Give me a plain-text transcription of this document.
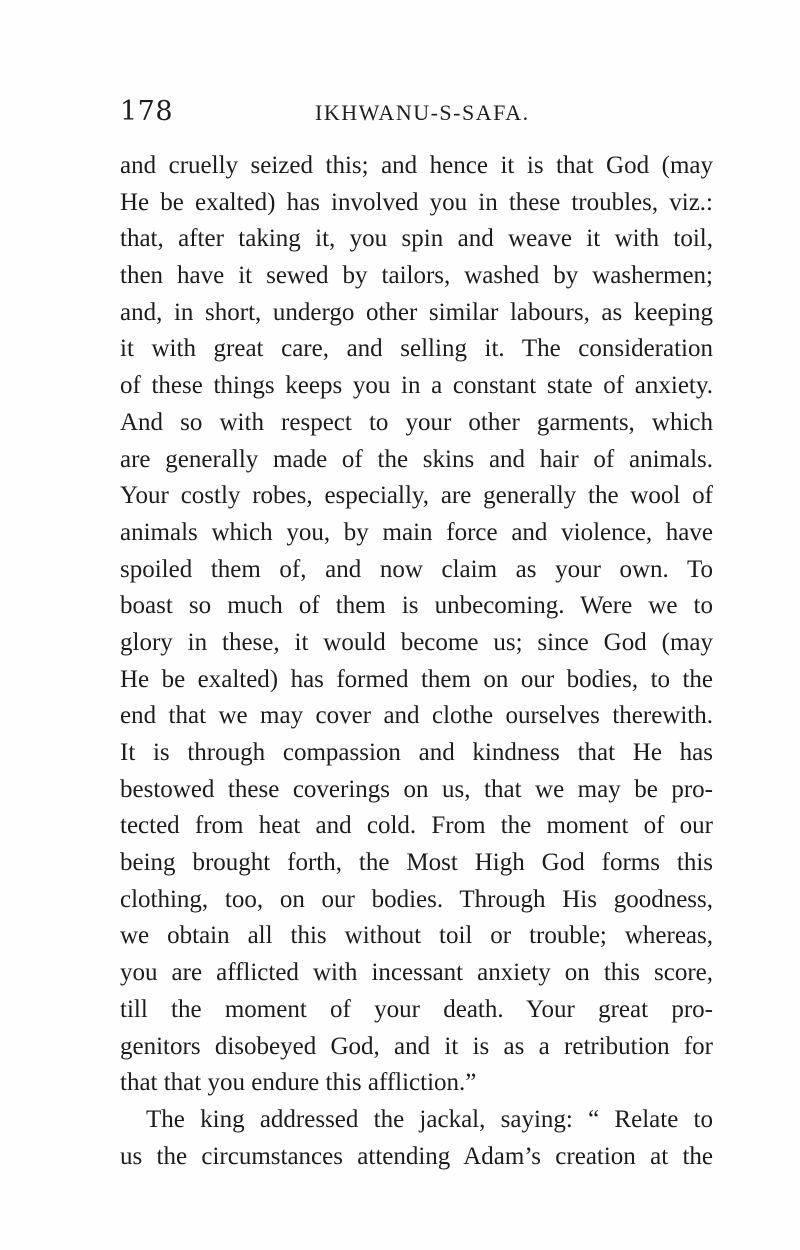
178	IKHWANU-S-SAFA.
and cruelly seized this; and hence it is that God (may
He be exalted) has involved you in these troubles, viz.:
that, after taking it, you spin and weave it with toil,
then have it sewed by tailors, washed by washermen;
and, in short, undergo other similar labours, as keeping
it with great care, and selling it. The consideration
of these things keeps you in a constant state of anxiety.
And so with respect to your other garments, which
are generally made of the skins and hair of animals.
Your costly robes, especially, are generally the wool of
animals which you, by main force and violence, have
spoiled them of, and now claim as your own. To
boast so much of them is unbecoming. Were we to
glory in these, it would become us; since God (may
He be exalted) has formed them on our bodies, to the
end that we may cover and clothe ourselves therewith.
It is through compassion and kindness that He has
bestowed these coverings on us, that we may be pro-
tected from heat and cold. From the moment of our
being brought forth, the Most High God forms this
clothing, too, on our bodies. Through His goodness,
we obtain all this without toil or trouble; whereas,
you are afflicted with incessant anxiety on this score,
till the moment of your death. Your great pro-
genitors disobeyed God, and it is as a retribution for
that that you endure this affliction.”
The king addressed the jackal, saying: “ Relate to
us the circumstances attending Adam’s creation at the
